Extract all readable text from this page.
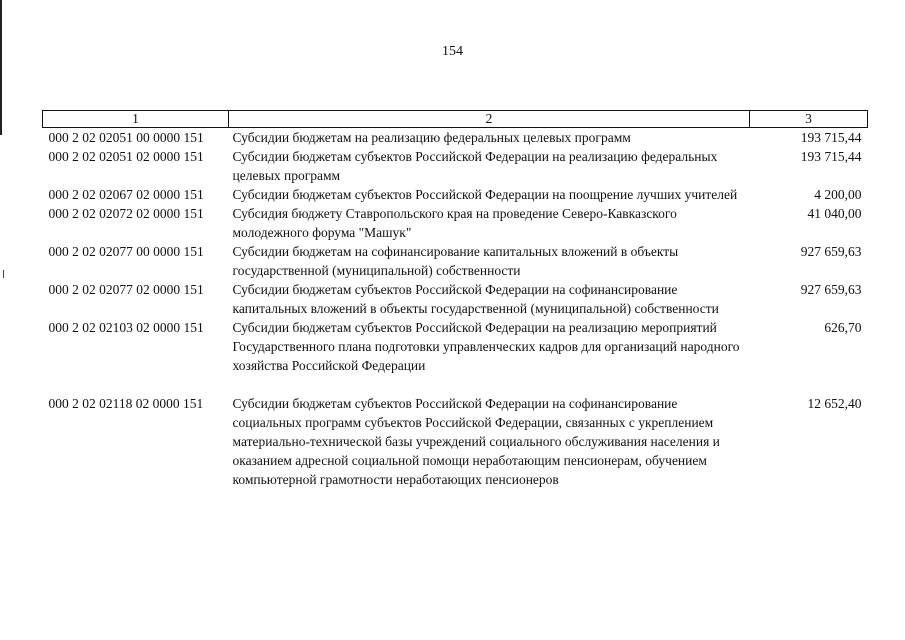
154
1	2	3
000 2 02 02051 00 0000 151	Субсидии бюджетам на реализацию федеральных целевых программ	193 715,44
000 2 02 02051 02 0000 151	Субсидии бюджетам субъектов Российской Федерации на реализацию федеральных целевых программ	193 715,44
000 2 02 02067 02 0000 151	Субсидии бюджетам субъектов Российской Федерации на поощрение лучших учителей	4 200,00
000 2 02 02072 02 0000 151	Субсидия бюджету Ставропольского края на проведение Северо-Кавказского молодежного форума "Машук"	41 040,00
000 2 02 02077 00 0000 151	Субсидии бюджетам на софинансирование капитальных вложений в объекты государственной (муниципальной) собственности	927 659,63
000 2 02 02077 02 0000 151	Субсидии бюджетам субъектов Российской Федерации на софинансирование капитальных вложений в объекты государственной (муниципальной) собственности	927 659,63
000 2 02 02103 02 0000 151	Субсидии бюджетам субъектов Российской Федерации на реализацию мероприятий Государственного плана подготовки управленческих кадров для организаций народного хозяйства Российской Федерации	626,70
000 2 02 02118 02 0000 151	Субсидии бюджетам субъектов Российской Федерации на софинансирование социальных программ субъектов Российской Федерации, связанных с укреплением материально-технической базы учреждений социального обслуживания населения и оказанием адресной социальной помощи неработающим пенсионерам, обучением компьютерной грамотности неработающих пенсионеров	12 652,40
